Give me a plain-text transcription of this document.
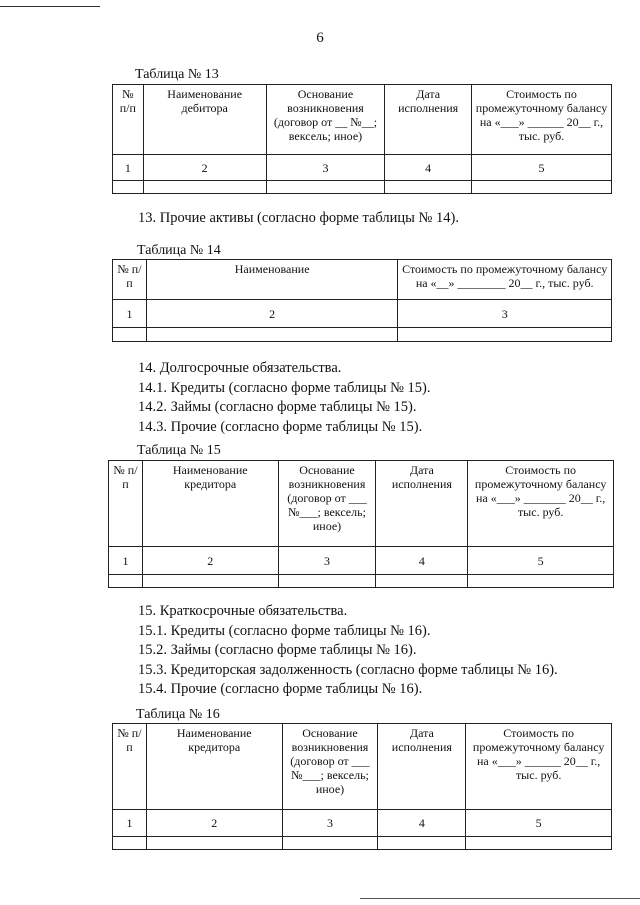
6
Таблица № 13
№ п/п	Наименование дебитора	Основание возникновения (договор от __ №__; вексель; иное)	Дата исполнения	Стоимость по промежуточному балансу на «___» ______ 20__ г., тыс. руб.
1	2	3	4	5

13. Прочие активы (согласно форме таблицы № 14).
Таблица № 14
№ п/п	Наименование	Стоимость по промежуточному балансу на «__» ________ 20__ г., тыс. руб.
1	2	3

14. Долгосрочные обязательства.
14.1. Кредиты (согласно форме таблицы № 15).
14.2. Займы (согласно форме таблицы № 15).
14.3. Прочие (согласно форме таблицы № 15).
Таблица № 15
№ п/п	Наименование кредитора	Основание возникновения (договор от ___ №___; вексель; иное)	Дата исполнения	Стоимость по промежуточному балансу на «___» _______ 20__ г., тыс. руб.
1	2	3	4	5

15. Краткосрочные обязательства.
15.1. Кредиты (согласно форме таблицы № 16).
15.2. Займы (согласно форме таблицы № 16).
15.3. Кредиторская задолженность (согласно форме таблицы № 16).
15.4. Прочие (согласно форме таблицы № 16).
Таблица № 16
№ п/п	Наименование кредитора	Основание возникновения (договор от ___ №___; вексель; иное)	Дата исполнения	Стоимость по промежуточному балансу на «___» ______ 20__ г., тыс. руб.
1	2	3	4	5
